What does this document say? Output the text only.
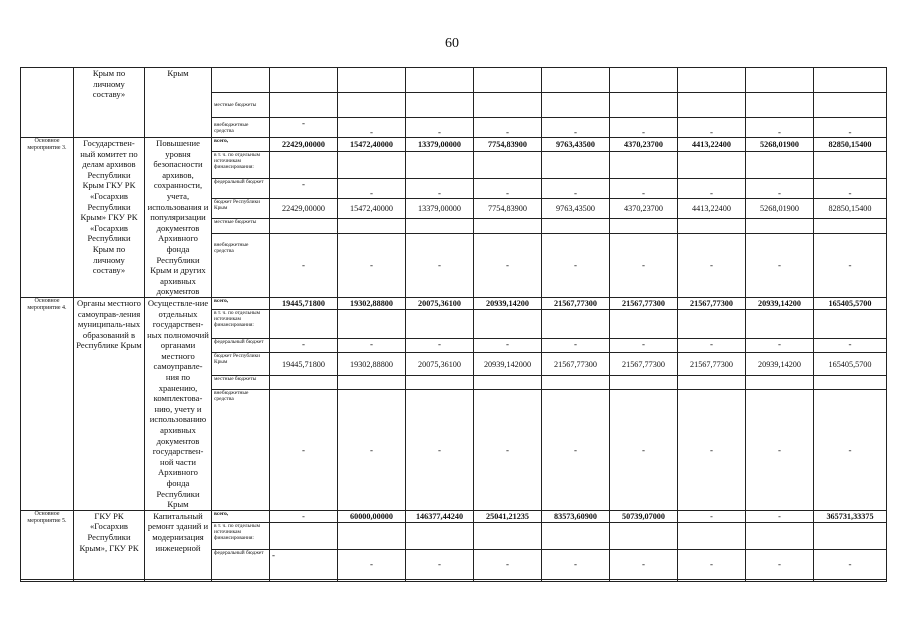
60
	Крым по личному составу»	Крым										
			местные бюджеты									
			внебюджетные средства	-	-	-	-	-	-	-	-	-
Основное мероприятие 3.	Государствен-ный комитет по делам архивов Республики Крым ГКУ РК «Госархив Республики Крым» ГКУ РК «Госархив Республики Крым по личному составу»	Повышение уровня безопасности архивов, сохранности, учета, использования и популяризации документов Архивного фонда Республики Крым и других архивных документов	всего,	22429,00000	15472,40000	13379,00000	7754,83900	9763,43500	4370,23700	4413,22400	5268,01900	82850,15400
			в т. ч. по отдельным источникам финансирования:									
			федеральный бюджет	-	-	-	-	-	-	-	-	-
			бюджет Республики Крым	22429,00000	15472,40000	13379,00000	7754,83900	9763,43500	4370,23700	4413,22400	5268,01900	82850,15400
			местные бюджеты									
			внебюджетные средства	-	-	-	-	-	-	-	-	-
Основное мероприятие 4.	Органы местного самоуправ-ления муниципаль-ных образований в Республике Крым	Осуществле-ние отдельных государствен-ных полномочий органами местного самоуправле-ния по хранению, комплектова-нию, учету и использованию архивных документов государствен-ной части Архивного фонда Республики Крым	всего,	19445,71800	19302,88800	20075,36100	20939,14200	21567,77300	21567,77300	21567,77300	20939,14200	165405,5700
			в т. ч. по отдельным источникам финансирования:									
			федеральный бюджет	-	-	-	-	-	-	-	-	-
			бюджет Республики Крым	19445,71800	19302,88800	20075,36100	20939,142000	21567,77300	21567,77300	21567,77300	20939,14200	165405,5700
			местные бюджеты									
			внебюджетные средства	-	-	-	-	-	-	-	-	-
Основное мероприятие 5.	ГКУ РК «Госархив Республики Крым», ГКУ РК	Капитальный ремонт зданий и модернизация инженерной	всего,	-	60000,00000	146377,44240	25041,21235	83573,60900	50739,07000	-	-	365731,33375
			в т. ч. по отдельным источникам финансирования:									
			федеральный бюджет	-	-	-	-	-	-	-	-	-
